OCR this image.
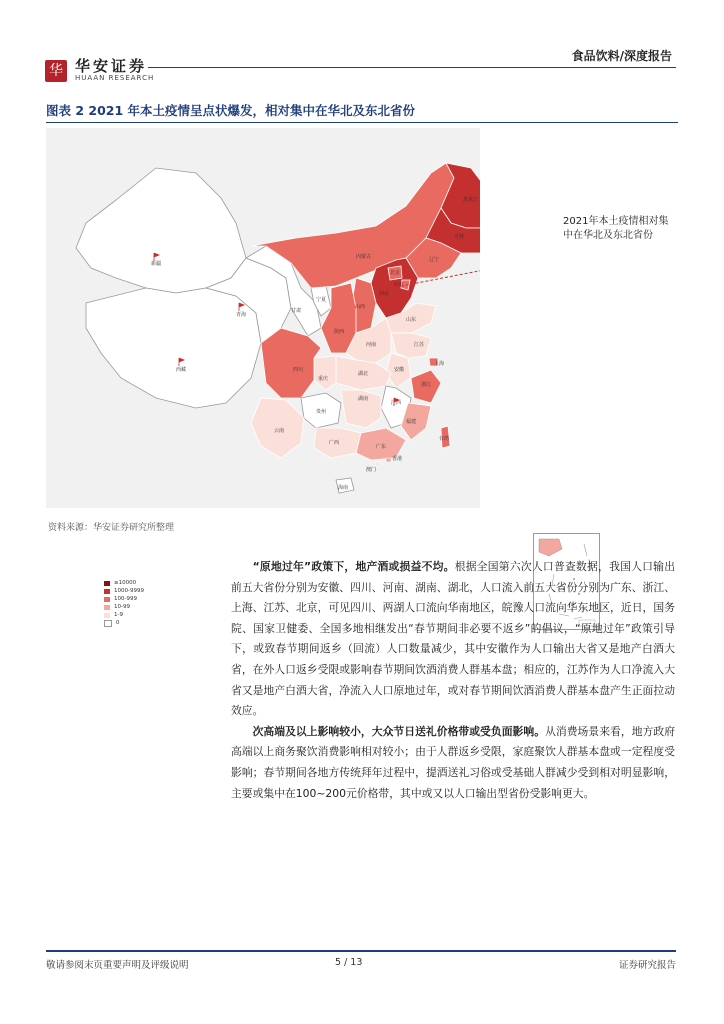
华 华安证券
HUAAN RESEARCH
食品饮料/深度报告
图表 2 2021 年本土疫情呈点状爆发，相对集中在华北及东北省份
黑龙江
吉林
辽宁
内蒙古
北京
天津
河北
山西
山东
河南	江苏
上海
安徽
湖北
浙江
江西
湖南
福建
台湾
广东
广西
香港
澳门
海南
云南
贵州
四川
重庆
陕西
甘肃
宁夏
青海
西藏
新疆
≥10000
1000-9999
100-999
10-99
1-9
0
2021年本土疫情相对集中在华北及东北省份
资料来源：华安证券研究所整理

“原地过年”政策下，地产酒或损益不均。根据全国第六次人口普查数据，我国人口输出前五大省份分别为安徽、四川、河南、湖南、湖北，人口流入前五大省份分别为广东、浙江、上海、江苏、北京，可见四川、两湖人口流向华南地区，皖豫人口流向华东地区，近日，国务院、国家卫健委、全国多地相继发出“春节期间非必要不返乡”的倡议，“原地过年”政策引导下，或致春节期间返乡（回流）人口数量减少，其中安徽作为人口输出大省又是地产白酒大省，在外人口返乡受限或影响春节期间饮酒消费人群基本盘；相应的，江苏作为人口净流入大省又是地产白酒大省，净流入人口原地过年，或对春节期间饮酒消费人群基本盘产生正面拉动效应。

次高端及以上影响较小，大众节日送礼价格带或受负面影响。从消费场景来看，地方政府高端以上商务聚饮消费影响相对较小；由于人群返乡受限，家庭聚饮人群基本盘或一定程度受影响；春节期间各地方传统拜年过程中，提酒送礼习俗或受基础人群减少受到相对明显影响，主要或集中在100~200元价格带，其中或又以人口输出型省份受影响更大。

敬请参阅末页重要声明及评级说明	5 / 13	证券研究报告
